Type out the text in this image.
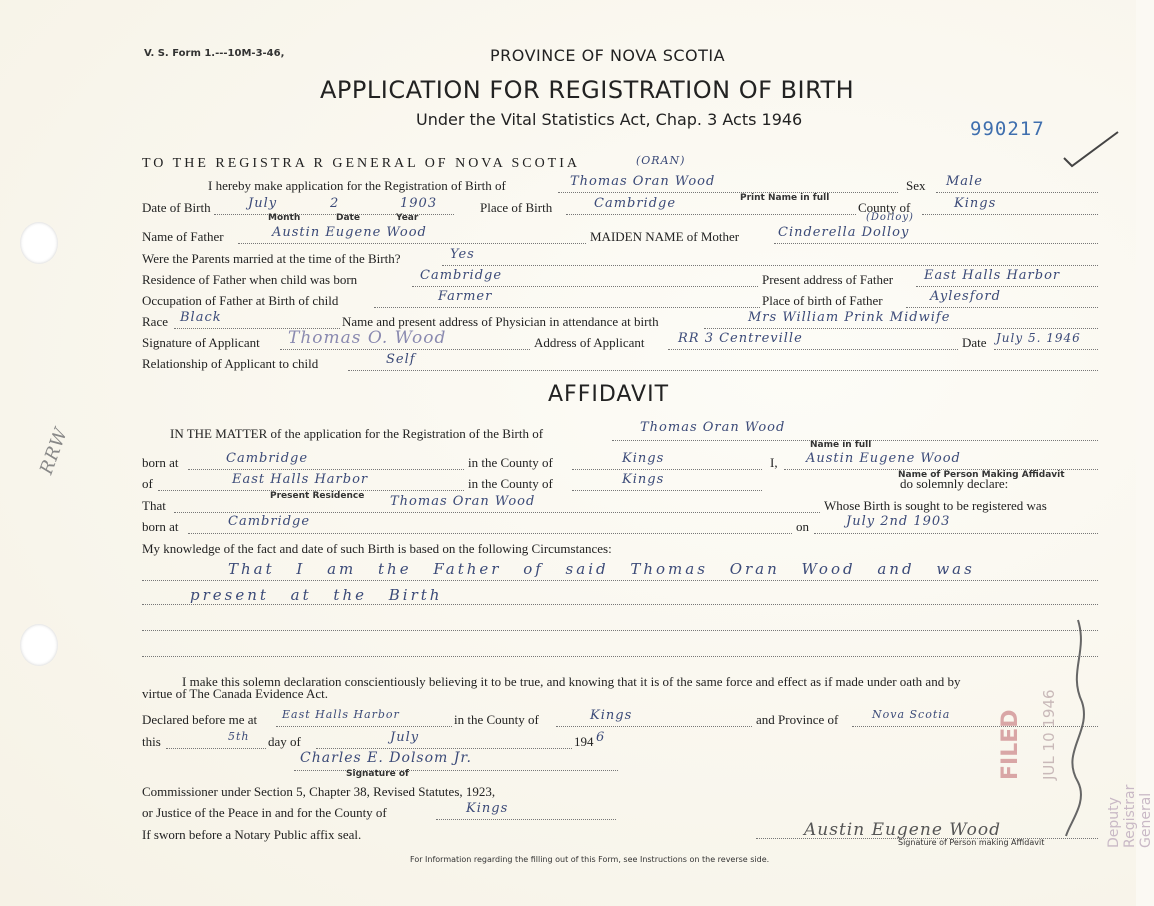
V. S. Form 1.---10M-3-46,	PROVINCE OF NOVA SCOTIA
APPLICATION FOR REGISTRATION OF BIRTH
Under the Vital Statistics Act, Chap. 3 Acts 1946	990217
TO THE REGISTRA R GENERAL OF NOVA SCOTIA	(ORAN)
I hereby make application for the Registration of Birth of	Thomas Oran Wood
Print Name in full
Sex Male
Date of Birth	July	2	1903
Month	Date	Year
Place of Birth	Cambridge	County of	Kings
(Dolloy)
Name of Father	Austin Eugene Wood	MAIDEN NAME of Mother	Cinderella Dolloy
Were the Parents married at the time of the Birth?	Yes
Residence of Father when child was born	Cambridge	Present address of Father East Halls Harbor
Occupation of Father at Birth of child	Farmer	Place of birth of Father	Aylesford
Race Black	Name and present address of Physician in attendance at birth	Mrs William Prink Midwife
Signature of Applicant Thomas O. Wood	Address of Applicant	RR 3 Centreville	Date July 5. 1946
Relationship of Applicant to child	Self
AFFIDAVIT
IN THE MATTER of the application for the Registration of the Birth of	Thomas Oran Wood
Name in full
born at	Cambridge	in the County of	Kings	I, Austin Eugene Wood
Name of Person Making Affidavit
of	East Halls Harbor
Present Residence
in the County of	Kings	do solemnly declare:
That	Thomas Oran Wood	Whose Birth is sought to be registered was
born at	Cambridge	on	July 2nd 1903
My knowledge of the fact and date of such Birth is based on the following Circumstances:
That I am the Father of said Thomas Oran Wood and was
present at the Birth
I make this solemn declaration conscientiously believing it to be true, and knowing that it is of the same force and effect as if made under oath and by
virtue of The Canada Evidence Act.
Declared before me at East Halls Harbor	in the County of	Kings	and Province of	Nova Scotia
this	5th day of	July	194 6
Charles E. Dolsom Jr.
Signature of
Commissioner under Section 5, Chapter 38, Revised Statutes, 1923,
or Justice of the Peace in and for the County of	Kings
If sworn before a Notary Public affix seal.	Austin Eugene Wood
Signature of Person making Affidavit
For Information regarding the filling out of this Form, see Instructions on the reverse side.
RRW
FILED JUL 10 1946
Deputy Registrar General
